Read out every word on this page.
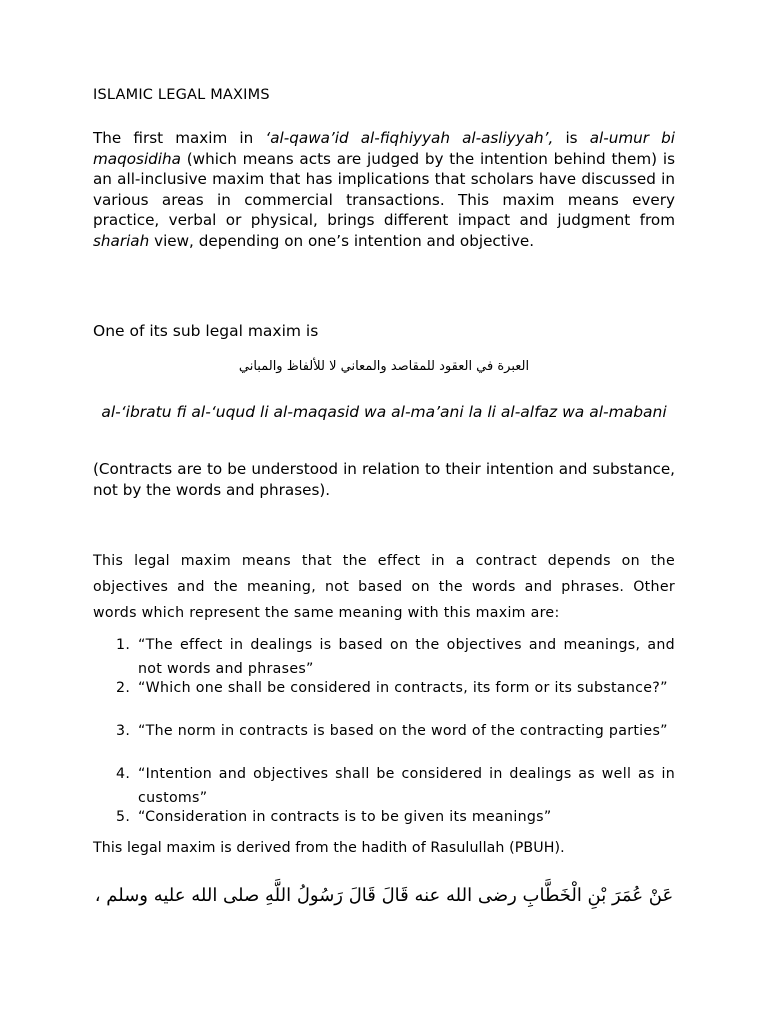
ISLAMIC LEGAL MAXIMS
The first maxim in ‘al-qawa’id al-fiqhiyyah al-asliyyah’, is al-umur bi maqosidiha (which means acts are judged by the intention behind them) is an all-inclusive maxim that has implications that scholars have discussed in various areas in commercial transactions. This maxim means every practice, verbal or physical, brings different impact and judgment from shariah view, depending on one’s intention and objective.
One of its sub legal maxim is
العبرة في العقود للمقاصد والمعاني لا للألفاظ والمباني
al-‘ibratu fi al-‘uqud li al-maqasid wa al-ma’ani la li al-alfaz wa al-mabani
(Contracts are to be understood in relation to their intention and substance, not by the words and phrases).
This legal maxim means that the effect in a contract depends on the objectives and the meaning, not based on the words and phrases. Other words which represent the same meaning with this maxim are:
1. “The effect in dealings is based on the objectives and meanings, and not words and phrases”
2. “Which one shall be considered in contracts, its form or its substance?”
3. “The norm in contracts is based on the word of the contracting parties”
4. “Intention and objectives shall be considered in dealings as well as in customs”
5. “Consideration in contracts is to be given its meanings”
This legal maxim is derived from the hadith of Rasulullah (PBUH).
عَنْ عُمَرَ بْنِ الْخَطَّابِ رضى الله عنه قَالَ قَالَ رَسُولُ اللَّهِ صلى الله عليه وسلم ،
